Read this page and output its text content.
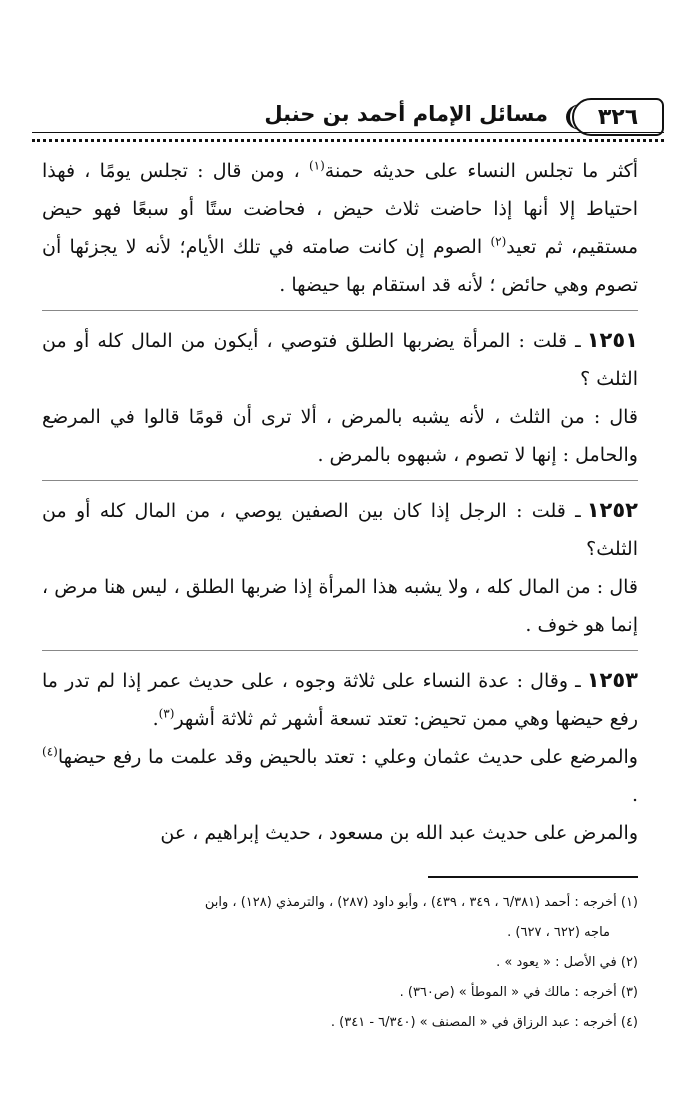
٣٢٦
مسائل الإمام أحمد بن حنبل

أكثر ما تجلس النساء على حديثه حمنة$^{(١)}$ ، ومن قال : تجلس يومًا ، فهذا احتياط إلا أنها إذا حاضت ثلاث حيض ، فحاضت ستًا أو سبعًا فهو حيض مستقيم، ثم تعيد$^{(٢)}$ الصوم إن كانت صامته في تلك الأيام؛ لأنه لا يجزئها أن تصوم وهي حائض ؛ لأنه قد استقام بها حيضها .

١٢٥١ـ قلت : المرأة يضربها الطلق فتوصي ، أيكون من المال كله أو من الثلث ؟

قال : من الثلث ، لأنه يشبه بالمرض ، ألا ترى أن قومًا قالوا في المرضع والحامل : إنها لا تصوم ، شبهوه بالمرض .

١٢٥٢ـ قلت : الرجل إذا كان بين الصفين يوصي ، من المال كله أو من الثلث؟

قال : من المال كله ، ولا يشبه هذا المرأة إذا ضربها الطلق ، ليس هنا مرض ، إنما هو خوف .

١٢٥٣ـ وقال : عدة النساء على ثلاثة وجوه ، على حديث عمر إذا لم تدر ما رفع حيضها وهي ممن تحيض: تعتد تسعة أشهر ثم ثلاثة أشهر$^{(٣)}$.

والمرضع على حديث عثمان وعلي : تعتد بالحيض وقد علمت ما رفع حيضها$^{(٤)}$ .

والمرض على حديث عبد الله بن مسعود ، حديث إبراهيم ، عن

(١) أخرجه : أحمد (٦/٣٨١ ، ٣٤٩ ، ٤٣٩) ، وأبو داود (٢٨٧) ، والترمذي (١٢٨) ، وابن

ماجه (٦٢٢ ، ٦٢٧) .

(٢) في الأصل : « يعود » .

(٣) أخرجه : مالك في « الموطأ » (ص٣٦٠) .

(٤) أخرجه : عبد الرزاق في « المصنف » (٦/٣٤٠ - ٣٤١) .
